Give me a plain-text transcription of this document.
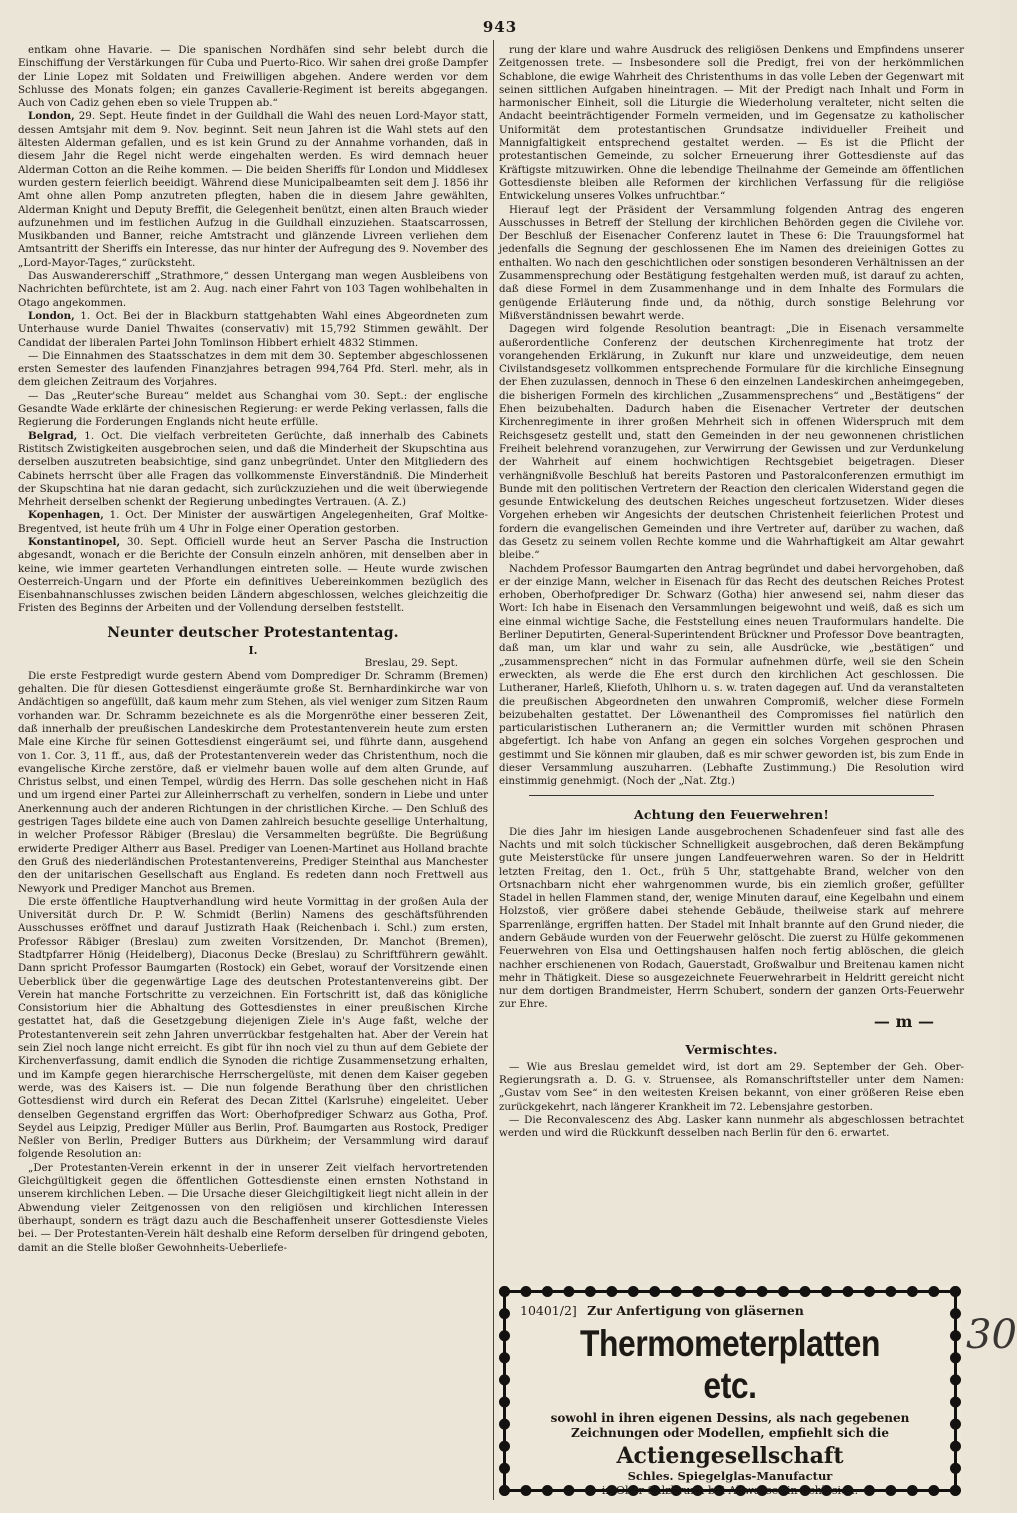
943

entkam ohne Havarie. — Die spanischen Nordhäfen sind sehr belebt durch die Einschiffung der Verstärkungen für Cuba und Puerto-Rico. Wir sahen drei große Dampfer der Linie Lopez mit Soldaten und Freiwilligen abgehen. Andere werden vor dem Schlusse des Monats folgen; ein ganzes Cavallerie-Regiment ist bereits abgegangen. Auch von Cadiz gehen eben so viele Truppen ab.“

London, 29. Sept. Heute findet in der Guildhall die Wahl des neuen Lord-Mayor statt, dessen Amtsjahr mit dem 9. Nov. beginnt. Seit neun Jahren ist die Wahl stets auf den ältesten Alderman gefallen, und es ist kein Grund zu der Annahme vorhanden, daß in diesem Jahr die Regel nicht werde eingehalten werden. Es wird demnach heuer Alderman Cotton an die Reihe kommen. — Die beiden Sheriffs für London und Middlesex wurden gestern feierlich beeidigt. Während diese Municipalbeamten seit dem J. 1856 ihr Amt ohne allen Pomp anzutreten pflegten, haben die in diesem Jahre gewählten, Alderman Knight und Deputy Breffit, die Gelegenheit benützt, einen alten Brauch wieder aufzunehmen und im festlichen Aufzug in die Guildhall einzuziehen. Staatscarrossen, Musikbanden und Banner, reiche Amtstracht und glänzende Livreen verliehen dem Amtsantritt der Sheriffs ein Interesse, das nur hinter der Aufregung des 9. November des „Lord-Mayor-Tages,“ zurücksteht.

Das Auswandererschiff „Strathmore,“ dessen Untergang man wegen Ausbleibens von Nachrichten befürchtete, ist am 2. Aug. nach einer Fahrt von 103 Tagen wohlbehalten in Otago angekommen.

London, 1. Oct. Bei der in Blackburn stattgehabten Wahl eines Abgeordneten zum Unterhause wurde Daniel Thwaites (conservativ) mit 15,792 Stimmen gewählt. Der Candidat der liberalen Partei John Tomlinson Hibbert erhielt 4832 Stimmen.

— Die Einnahmen des Staatsschatzes in dem mit dem 30. September abgeschlossenen ersten Semester des laufenden Finanzjahres betragen 994,764 Pfd. Sterl. mehr, als in dem gleichen Zeitraum des Vorjahres.

— Das „Reuter'sche Bureau“ meldet aus Schanghai vom 30. Sept.: der englische Gesandte Wade erklärte der chinesischen Regierung: er werde Peking verlassen, falls die Regierung die Forderungen Englands nicht heute erfülle.

Belgrad, 1. Oct. Die vielfach verbreiteten Gerüchte, daß innerhalb des Cabinets Ristitsch Zwistigkeiten ausgebrochen seien, und daß die Minderheit der Skupschtina aus derselben auszutreten beabsichtige, sind ganz unbegründet. Unter den Mitgliedern des Cabinets herrscht über alle Fragen das vollkommenste Einverständniß. Die Minderheit der Skupschtina hat nie daran gedacht, sich zurückzuziehen und die weit überwiegende Mehrheit derselben schenkt der Regierung unbedingtes Vertrauen. (A. Z.)

Kopenhagen, 1. Oct. Der Minister der auswärtigen Angelegenheiten, Graf Moltke-Bregentved, ist heute früh um 4 Uhr in Folge einer Operation gestorben.

Konstantinopel, 30. Sept. Officiell wurde heut an Server Pascha die Instruction abgesandt, wonach er die Berichte der Consuln einzeln anhören, mit denselben aber in keine, wie immer gearteten Verhandlungen eintreten solle. — Heute wurde zwischen Oesterreich-Ungarn und der Pforte ein definitives Uebereinkommen bezüglich des Eisenbahnanschlusses zwischen beiden Ländern abgeschlossen, welches gleichzeitig die Fristen des Beginns der Arbeiten und der Vollendung derselben feststellt.

Neunter deutscher Protestantentag.
I.
Breslau, 29. Sept.

Die erste Festpredigt wurde gestern Abend vom Domprediger Dr. Schramm (Bremen) gehalten. Die für diesen Gottesdienst eingeräumte große St. Bernhardinkirche war von Andächtigen so angefüllt, daß kaum mehr zum Stehen, als viel weniger zum Sitzen Raum vorhanden war. Dr. Schramm bezeichnete es als die Morgenröthe einer besseren Zeit, daß innerhalb der preußischen Landeskirche dem Protestantenverein heute zum ersten Male eine Kirche für seinen Gottesdienst eingeräumt sei, und führte dann, ausgehend von 1. Cor. 3, 11 ff., aus, daß der Protestantenverein weder das Christenthum, noch die evangelische Kirche zerstöre, daß er vielmehr bauen wolle auf dem alten Grunde, auf Christus selbst, und einen Tempel, würdig des Herrn. Das solle geschehen nicht in Haß und um irgend einer Partei zur Alleinherrschaft zu verhelfen, sondern in Liebe und unter Anerkennung auch der anderen Richtungen in der christlichen Kirche. — Den Schluß des gestrigen Tages bildete eine auch von Damen zahlreich besuchte gesellige Unterhaltung, in welcher Professor Räbiger (Breslau) die Versammelten begrüßte. Die Begrüßung erwiderte Prediger Altherr aus Basel. Prediger van Loenen-Martinet aus Holland brachte den Gruß des niederländischen Protestantenvereins, Prediger Steinthal aus Manchester den der unitarischen Gesellschaft aus England. Es redeten dann noch Frettwell aus Newyork und Prediger Manchot aus Bremen.

Die erste öffentliche Hauptverhandlung wird heute Vormittag in der großen Aula der Universität durch Dr. P. W. Schmidt (Berlin) Namens des geschäftsführenden Ausschusses eröffnet und darauf Justizrath Haak (Reichenbach i. Schl.) zum ersten, Professor Räbiger (Breslau) zum zweiten Vorsitzenden, Dr. Manchot (Bremen), Stadtpfarrer Hönig (Heidelberg), Diaconus Decke (Breslau) zu Schriftführern gewählt. Dann spricht Professor Baumgarten (Rostock) ein Gebet, worauf der Vorsitzende einen Ueberblick über die gegenwärtige Lage des deutschen Protestantenvereins gibt. Der Verein hat manche Fortschritte zu verzeichnen. Ein Fortschritt ist, daß das königliche Consistorium hier die Abhaltung des Gottesdienstes in einer preußischen Kirche gestattet hat, daß die Gesetzgebung diejenigen Ziele in's Auge faßt, welche der Protestantenverein seit zehn Jahren unverrückbar festgehalten hat. Aber der Verein hat sein Ziel noch lange nicht erreicht. Es gibt für ihn noch viel zu thun auf dem Gebiete der Kirchenverfassung, damit endlich die Synoden die richtige Zusammensetzung erhalten, und im Kampfe gegen hierarchische Herrschergelüste, mit denen dem Kaiser gegeben werde, was des Kaisers ist. — Die nun folgende Berathung über den christlichen Gottesdienst wird durch ein Referat des Decan Zittel (Karlsruhe) eingeleitet. Ueber denselben Gegenstand ergriffen das Wort: Oberhofprediger Schwarz aus Gotha, Prof. Seydel aus Leipzig, Prediger Müller aus Berlin, Prof. Baumgarten aus Rostock, Prediger Neßler von Berlin, Prediger Butters aus Dürkheim; der Versammlung wird darauf folgende Resolution an:

„Der Protestanten-Verein erkennt in der in unserer Zeit vielfach hervortretenden Gleichgültigkeit gegen die öffentlichen Gottesdienste einen ernsten Nothstand in unserem kirchlichen Leben. — Die Ursache dieser Gleichgiltigkeit liegt nicht allein in der Abwendung vieler Zeitgenossen von den religiösen und kirchlichen Interessen überhaupt, sondern es trägt dazu auch die Beschaffenheit unserer Gottesdienste Vieles bei. — Der Protestanten-Verein hält deshalb eine Reform derselben für dringend geboten, damit an die Stelle bloßer Gewohnheits-Ueberliefe-

rung der klare und wahre Ausdruck des religiösen Denkens und Empfindens unserer Zeitgenossen trete. — Insbesondere soll die Predigt, frei von der herkömmlichen Schablone, die ewige Wahrheit des Christenthums in das volle Leben der Gegenwart mit seinen sittlichen Aufgaben hineintragen. — Mit der Predigt nach Inhalt und Form in harmonischer Einheit, soll die Liturgie die Wiederholung veralteter, nicht selten die Andacht beeinträchtigender Formeln vermeiden, und im Gegensatze zu katholischer Uniformität dem protestantischen Grundsatze individueller Freiheit und Mannigfaltigkeit entsprechend gestaltet werden. — Es ist die Pflicht der protestantischen Gemeinde, zu solcher Erneuerung ihrer Gottesdienste auf das Kräftigste mitzuwirken. Ohne die lebendige Theilnahme der Gemeinde am öffentlichen Gottesdienste bleiben alle Reformen der kirchlichen Verfassung für die religiöse Entwickelung unseres Volkes unfruchtbar.“

Hierauf legt der Präsident der Versammlung folgenden Antrag des engeren Ausschusses in Betreff der Stellung der kirchlichen Behörden gegen die Civilehe vor. Der Beschluß der Eisenacher Conferenz lautet in These 6: Die Trauungsformel hat jedenfalls die Segnung der geschlossenen Ehe im Namen des dreieinigen Gottes zu enthalten. Wo nach den geschichtlichen oder sonstigen besonderen Verhältnissen an der Zusammensprechung oder Bestätigung festgehalten werden muß, ist darauf zu achten, daß diese Formel in dem Zusammenhange und in dem Inhalte des Formulars die genügende Erläuterung finde und, da nöthig, durch sonstige Belehrung vor Mißverständnissen bewahrt werde.

Dagegen wird folgende Resolution beantragt: „Die in Eisenach versammelte außerordentliche Conferenz der deutschen Kirchenregimente hat trotz der vorangehenden Erklärung, in Zukunft nur klare und unzweideutige, dem neuen Civilstandsgesetz vollkommen entsprechende Formulare für die kirchliche Einsegnung der Ehen zuzulassen, dennoch in These 6 den einzelnen Landeskirchen anheimgegeben, die bisherigen Formeln des kirchlichen „Zusammensprechens“ und „Bestätigens“ der Ehen beizubehalten. Dadurch haben die Eisenacher Vertreter der deutschen Kirchenregimente in ihrer großen Mehrheit sich in offenen Widerspruch mit dem Reichsgesetz gestellt und, statt den Gemeinden in der neu gewonnenen christlichen Freiheit belehrend voranzugehen, zur Verwirrung der Gewissen und zur Verdunkelung der Wahrheit auf einem hochwichtigen Rechtsgebiet beigetragen. Dieser verhängnißvolle Beschluß hat bereits Pastoren und Pastoralconferenzen ermuthigt im Bunde mit den politischen Vertretern der Reaction den clericalen Widerstand gegen die gesunde Entwickelung des deutschen Reiches ungescheut fortzusetzen. Wider dieses Vorgehen erheben wir Angesichts der deutschen Christenheit feierlichen Protest und fordern die evangelischen Gemeinden und ihre Vertreter auf, darüber zu wachen, daß das Gesetz zu seinem vollen Rechte komme und die Wahrhaftigkeit am Altar gewahrt bleibe.“

Nachdem Professor Baumgarten den Antrag begründet und dabei hervorgehoben, daß er der einzige Mann, welcher in Eisenach für das Recht des deutschen Reiches Protest erhoben, Oberhofprediger Dr. Schwarz (Gotha) hier anwesend sei, nahm dieser das Wort: Ich habe in Eisenach den Versammlungen beigewohnt und weiß, daß es sich um eine einmal wichtige Sache, die Feststellung eines neuen Trauformulars handelte. Die Berliner Deputirten, General-Superintendent Brückner und Professor Dove beantragten, daß man, um klar und wahr zu sein, alle Ausdrücke, wie „bestätigen“ und „zusammensprechen“ nicht in das Formular aufnehmen dürfe, weil sie den Schein erweckten, als werde die Ehe erst durch den kirchlichen Act geschlossen. Die Lutheraner, Harleß, Kliefoth, Uhlhorn u. s. w. traten dagegen auf. Und da veranstalteten die preußischen Abgeordneten den unwahren Compromiß, welcher diese Formeln beizubehalten gestattet. Der Löwenantheil des Compromisses fiel natürlich den particularistischen Lutheranern an; die Vermittler wurden mit schönen Phrasen abgefertigt. Ich habe von Anfang an gegen ein solches Vorgehen gesprochen und gestimmt und Sie können mir glauben, daß es mir schwer geworden ist, bis zum Ende in dieser Versammlung auszuharren. (Lebhafte Zustimmung.) Die Resolution wird einstimmig genehmigt. (Noch der „Nat. Ztg.)

Achtung den Feuerwehren!

Die dies Jahr im hiesigen Lande ausgebrochenen Schadenfeuer sind fast alle des Nachts und mit solch tückischer Schnelligkeit ausgebrochen, daß deren Bekämpfung gute Meisterstücke für unsere jungen Landfeuerwehren waren. So der in Heldritt letzten Freitag, den 1. Oct., früh 5 Uhr, stattgehabte Brand, welcher von den Ortsnachbarn nicht eher wahrgenommen wurde, bis ein ziemlich großer, gefüllter Stadel in hellen Flammen stand, der, wenige Minuten darauf, eine Kegelbahn und einem Holzstoß, vier größere dabei stehende Gebäude, theilweise stark auf mehrere Sparrenlänge, ergriffen hatten. Der Stadel mit Inhalt brannte auf den Grund nieder, die andern Gebäude wurden von der Feuerwehr gelöscht. Die zuerst zu Hülfe gekommenen Feuerwehren von Elsa und Oettingshausen halfen noch fertig ablöschen, die gleich nachher erschienenen von Rodach, Gauerstadt, Großwalbur und Breitenau kamen nicht mehr in Thätigkeit. Diese so ausgezeichnete Feuerwehrarbeit in Heldritt gereicht nicht nur dem dortigen Brandmeister, Herrn Schubert, sondern der ganzen Orts-Feuerwehr zur Ehre.

— m —
Vermischtes.

— Wie aus Breslau gemeldet wird, ist dort am 29. September der Geh. Ober-Regierungsrath a. D. G. v. Struensee, als Romanschriftsteller unter dem Namen: „Gustav vom See“ in den weitesten Kreisen bekannt, von einer größeren Reise eben zurückgekehrt, nach längerer Krankheit im 72. Lebensjahre gestorben.

— Die Reconvalescenz des Abg. Lasker kann nunmehr als abgeschlossen betrachtet werden und wird die Rückkunft desselben nach Berlin für den 6. erwartet.

10401/2] Zur Anfertigung von gläsernen
Thermometerplatten etc.
sowohl in ihren eigenen Dessins, als nach gegebenen
Zeichnungen oder Modellen, empfiehlt sich die
Actiengesellschaft
Schles. Spiegelglas-Manufactur
in Ober-Salzbrunn bei Altwasser in Schlesien.
30
